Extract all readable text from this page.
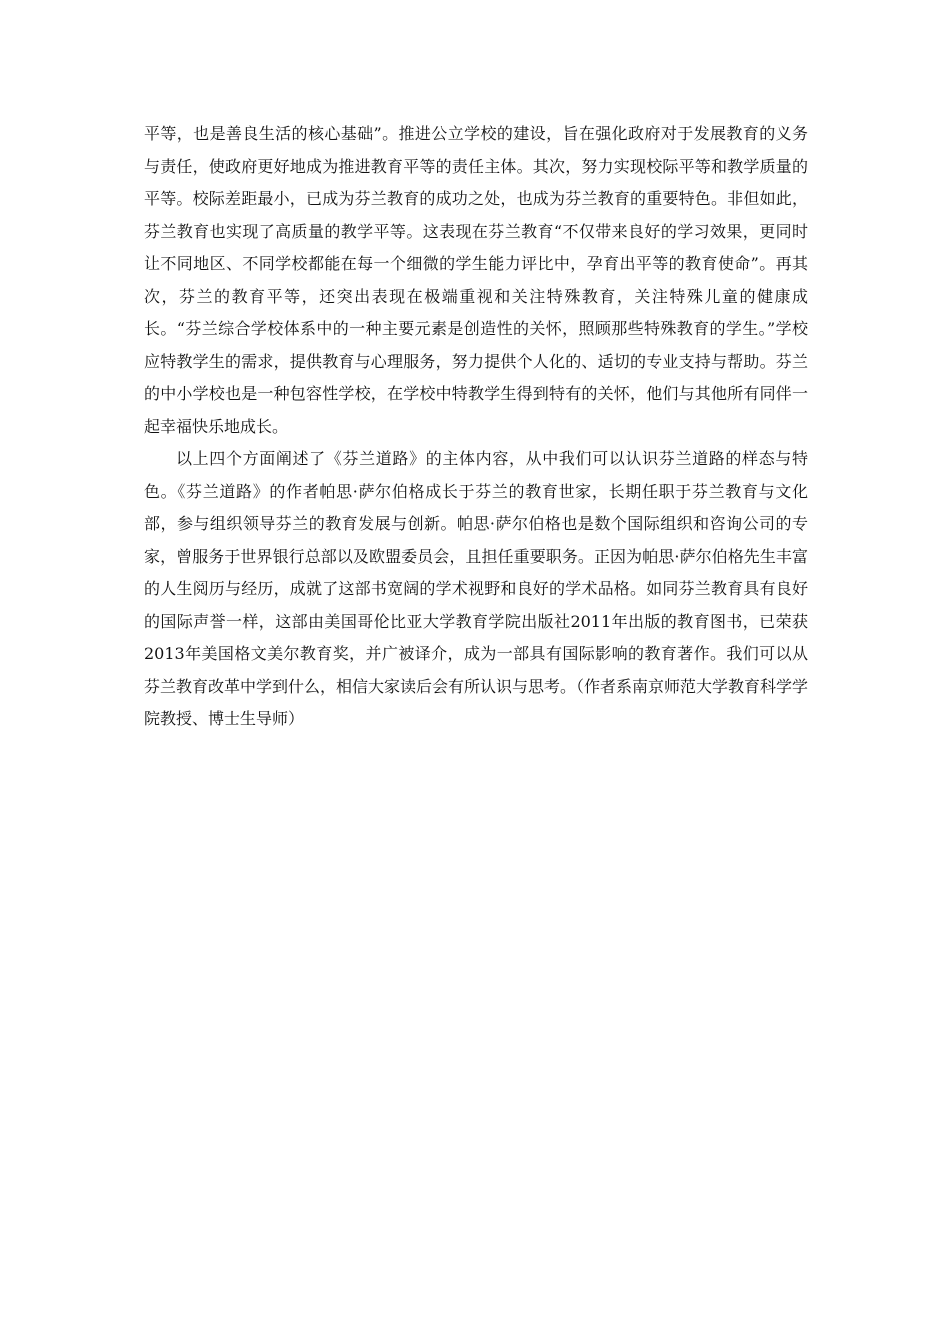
平等，也是善良生活的核心基础”。推进公立学校的建设，旨在强化政府对于发展教育的义务与责任，使政府更好地成为推进教育平等的责任主体。其次，努力实现校际平等和教学质量的平等。校际差距最小，已成为芬兰教育的成功之处，也成为芬兰教育的重要特色。非但如此，芬兰教育也实现了高质量的教学平等。这表现在芬兰教育“不仅带来良好的学习效果，更同时让不同地区、不同学校都能在每一个细微的学生能力评比中，孕育出平等的教育使命”。再其次，芬兰的教育平等，还突出表现在极端重视和关注特殊教育，关注特殊儿童的健康成长。“芬兰综合学校体系中的一种主要元素是创造性的关怀，照顾那些特殊教育的学生。”学校应特教学生的需求，提供教育与心理服务，努力提供个人化的、适切的专业支持与帮助。芬兰的中小学校也是一种包容性学校，在学校中特教学生得到特有的关怀，他们与其他所有同伴一起幸福快乐地成长。

以上四个方面阐述了《芬兰道路》的主体内容，从中我们可以认识芬兰道路的样态与特色。《芬兰道路》的作者帕思·萨尔伯格成长于芬兰的教育世家，长期任职于芬兰教育与文化部，参与组织领导芬兰的教育发展与创新。帕思·萨尔伯格也是数个国际组织和咨询公司的专家，曾服务于世界银行总部以及欧盟委员会，且担任重要职务。正因为帕思·萨尔伯格先生丰富的人生阅历与经历，成就了这部书宽阔的学术视野和良好的学术品格。如同芬兰教育具有良好的国际声誉一样，这部由美国哥伦比亚大学教育学院出版社2011年出版的教育图书，已荣获2013年美国格文美尔教育奖，并广被译介，成为一部具有国际影响的教育著作。我们可以从芬兰教育改革中学到什么，相信大家读后会有所认识与思考。（作者系南京师范大学教育科学学院教授、博士生导师）
